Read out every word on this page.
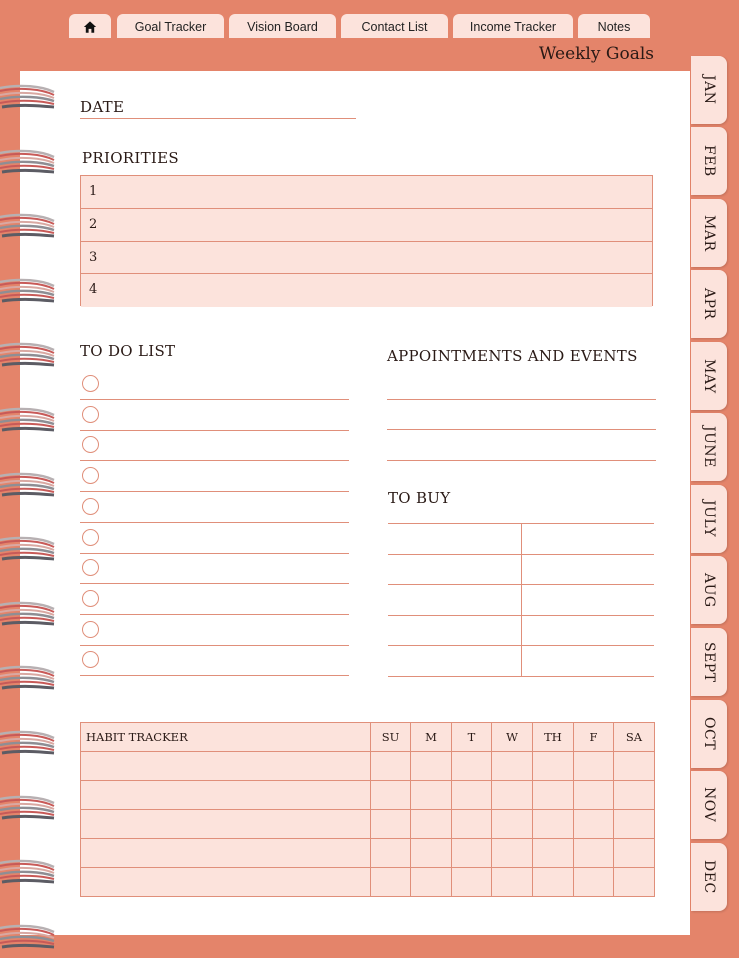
Goal Tracker	Vision Board	Contact List	Income Tracker	Notes
Weekly Goals
JAN
FEB
MAR
APR
MAY
JUNE
JULY
AUG
SEPT
OCT
NOV
DEC
DATE
PRIORITIES
1
2
3
4
TO DO LIST	APPOINTMENTS AND EVENTS
TO BUY
HABIT TRACKER	SU	M	T	W	TH	F	SA
